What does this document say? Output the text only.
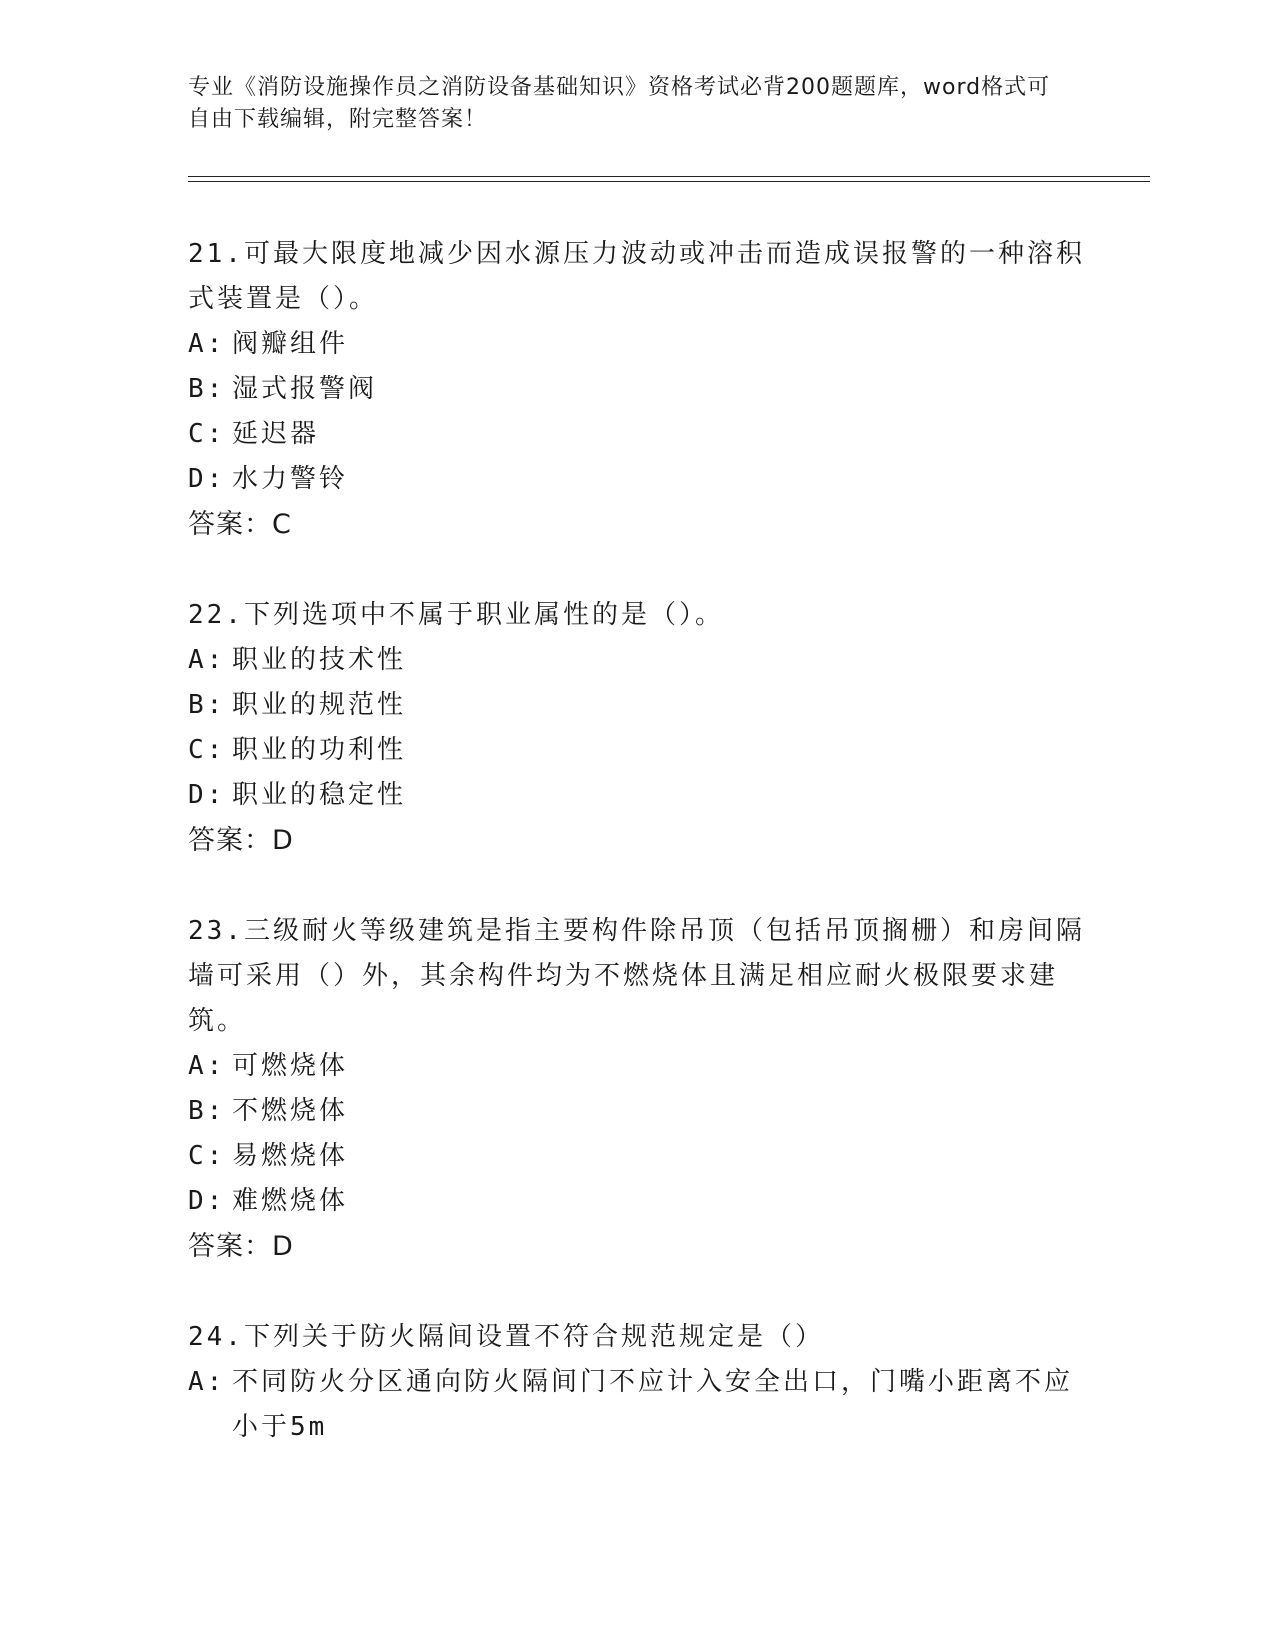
专业《消防设施操作员之消防设备基础知识》资格考试必背200题题库，word格式可自由下载编辑，附完整答案！
21.可最大限度地减少因水源压力波动或冲击而造成误报警的一种溶积式装置是（）。
A: 阀瓣组件
B: 湿式报警阀
C: 延迟器
D: 水力警铃
答案：C
22.下列选项中不属于职业属性的是（）。
A: 职业的技术性
B: 职业的规范性
C: 职业的功利性
D: 职业的稳定性
答案：D
23.三级耐火等级建筑是指主要构件除吊顶（包括吊顶搁栅）和房间隔墙可采用（）外，其余构件均为不燃烧体且满足相应耐火极限要求建筑。
A: 可燃烧体
B: 不燃烧体
C: 易燃烧体
D: 难燃烧体
答案：D
24.下列关于防火隔间设置不符合规范规定是（）
A: 不同防火分区通向防火隔间门不应计入安全出口，门嘴小距离不应小于5m
